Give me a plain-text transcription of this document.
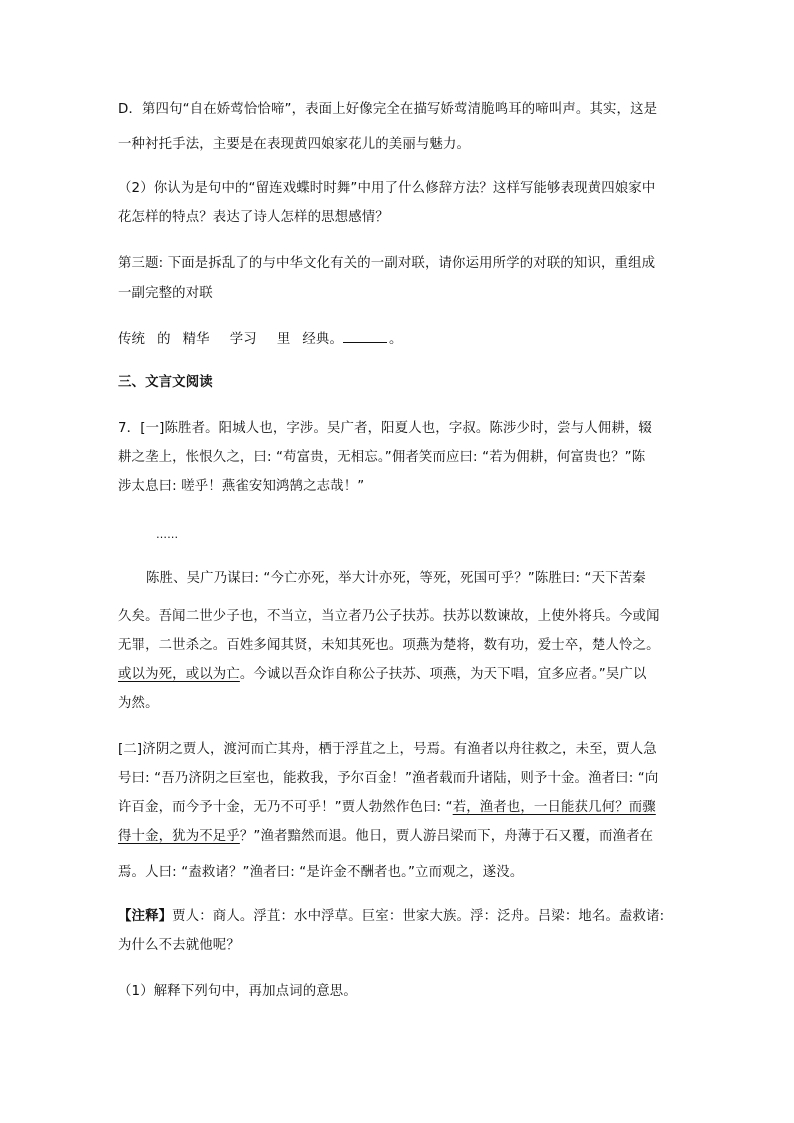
D．第四句“自在娇莺恰恰啼”，表面上好像完全在描写娇莺清脆鸣耳的啼叫声。其实，这是
一种衬托手法，主要是在表现黄四娘家花儿的美丽与魅力。
（2）你认为是句中的“留连戏蝶时时舞”中用了什么修辞方法？这样写能够表现黄四娘家中
花怎样的特点？表达了诗人怎样的思想感情？
第三题: 下面是拆乱了的与中华文化有关的一副对联，请你运用所学的对联的知识，重组成
一副完整的对联
传统 的 精华 学习 里 经典。	。
三、文言文阅读
7．[一]陈胜者。阳城人也，字涉。吴广者，阳夏人也，字叔。陈涉少时，尝与人佣耕，辍
耕之垄上，怅恨久之，曰: “苟富贵，无相忘。”佣者笑而应曰: “若为佣耕，何富贵也？”陈
涉太息曰: 嗟乎！燕雀安知鸿鹄之志哉！”
……
陈胜、吴广乃谋曰: “今亡亦死，举大计亦死，等死，死国可乎？”陈胜曰: “天下苦秦
久矣。吾闻二世少子也，不当立，当立者乃公子扶苏。扶苏以数谏故，上使外将兵。今或闻
无罪，二世杀之。百姓多闻其贤，未知其死也。项燕为楚将，数有功，爱士卒，楚人怜之。
或以为死，或以为亡。今诚以吾众诈自称公子扶苏、项燕，为天下唱，宜多应者。”吴广以
为然。
[二]济阴之贾人，渡河而亡其舟，栖于浮苴之上，号焉。有渔者以舟往救之，未至，贾人急
号曰: “吾乃济阴之巨室也，能救我，予尔百金！”渔者载而升诸陆，则予十金。渔者曰: “向
许百金，而今予十金，无乃不可乎！”贾人勃然作色曰: “若，渔者也，一日能获几何？而骤
得十金，犹为不足乎？”渔者黯然而退。他日，贾人游吕梁而下，舟薄于石又覆，而渔者在
焉。人曰: “盍救诸？”渔者曰: “是许金不酬者也。”立而观之，遂没。
【注释】贾人：商人。浮苴：水中浮草。巨室：世家大族。浮：泛舟。吕梁：地名。盍救诸:
为什么不去就他呢？
（1）解释下列句中，再加点词的意思。
